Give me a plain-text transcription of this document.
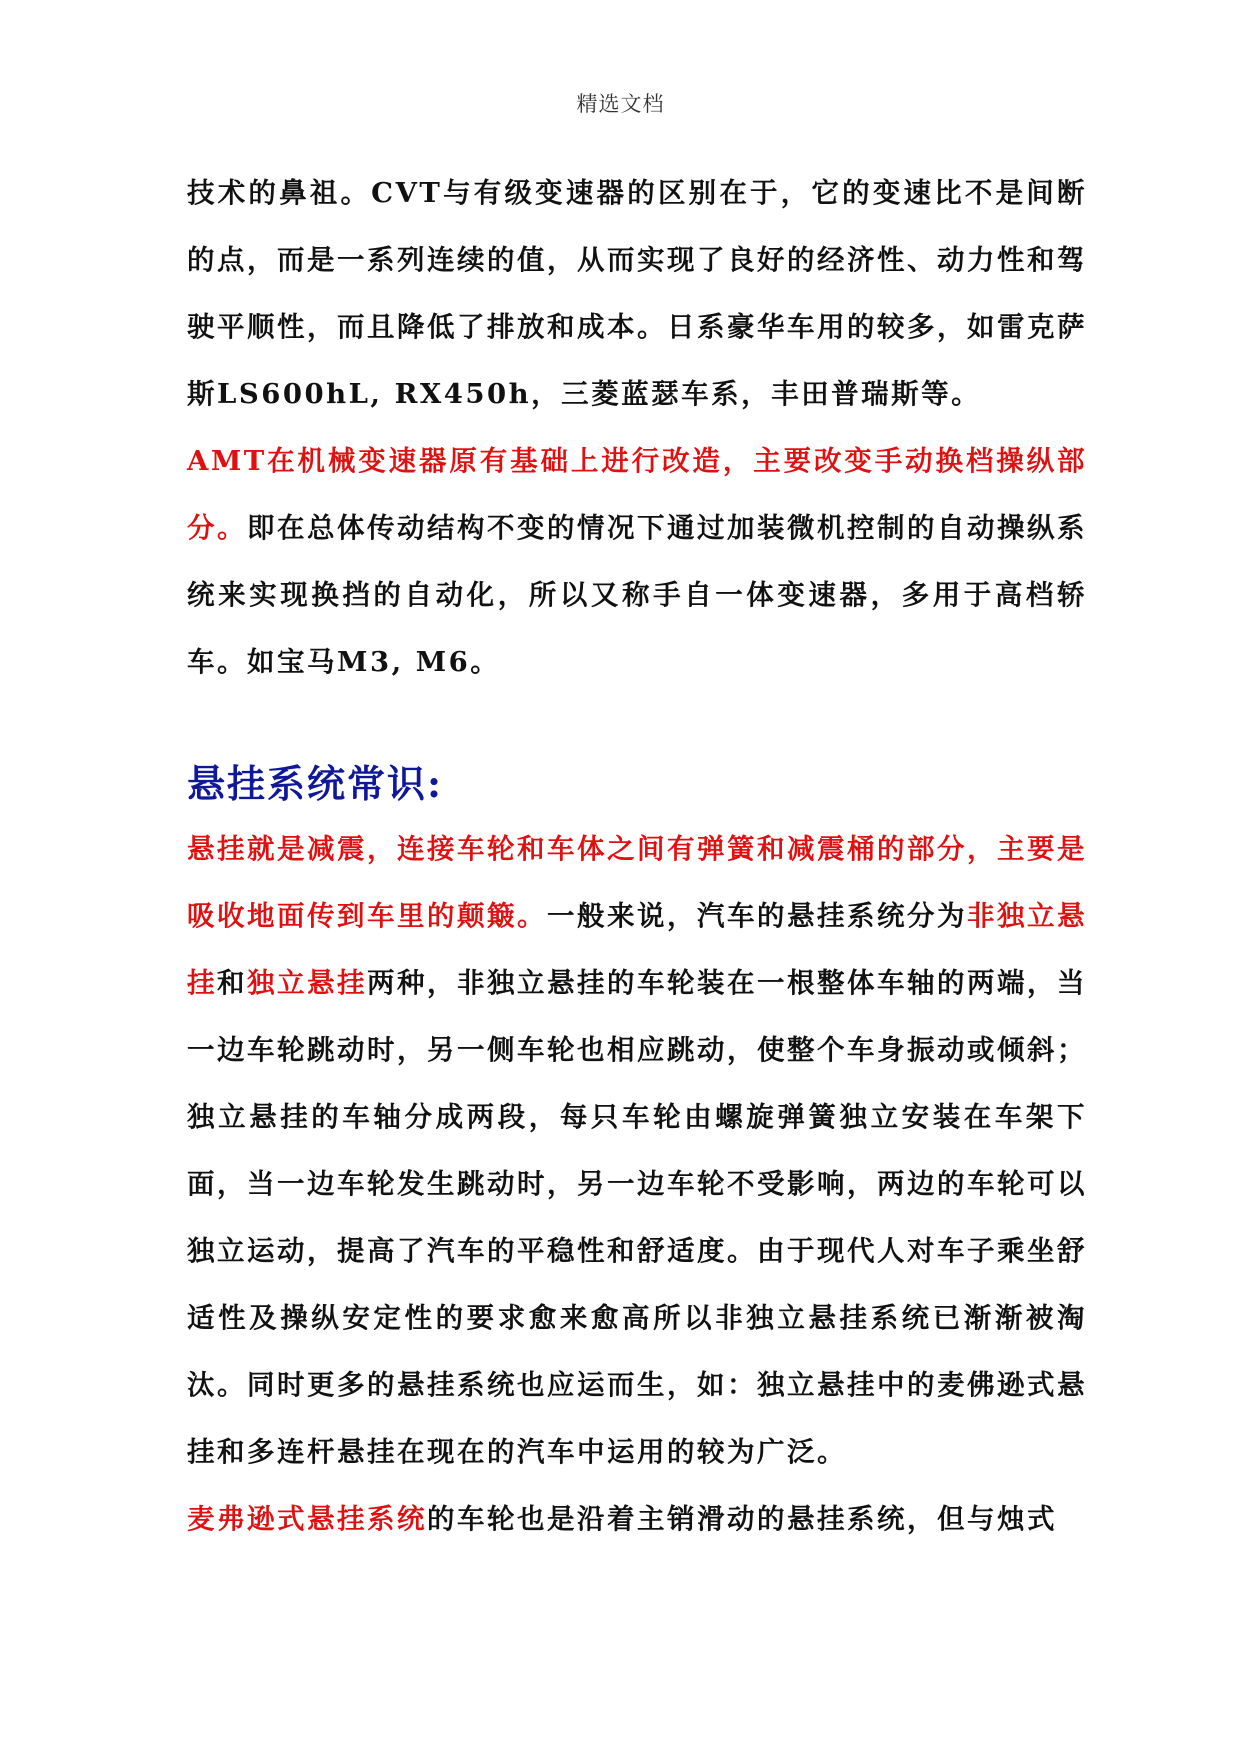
精选文档

技术的鼻祖。CVT与有级变速器的区别在于，它的变速比不是间断的点，而是一系列连续的值，从而实现了良好的经济性、动力性和驾驶平顺性，而且降低了排放和成本。日系豪华车用的较多，如雷克萨斯LS600hL, RX450h，三菱蓝瑟车系，丰田普瑞斯等。

AMT在机械变速器原有基础上进行改造，主要改变手动换档操纵部分。即在总体传动结构不变的情况下通过加装微机控制的自动操纵系统来实现换挡的自动化，所以又称手自一体变速器，多用于高档轿车。如宝马M3, M6。

悬挂系统常识:

悬挂就是减震，连接车轮和车体之间有弹簧和减震桶的部分，主要是吸收地面传到车里的颠簸。一般来说，汽车的悬挂系统分为非独立悬挂和独立悬挂两种，非独立悬挂的车轮装在一根整体车轴的两端，当一边车轮跳动时，另一侧车轮也相应跳动，使整个车身振动或倾斜；独立悬挂的车轴分成两段，每只车轮由螺旋弹簧独立安装在车架下面，当一边车轮发生跳动时，另一边车轮不受影响，两边的车轮可以独立运动，提高了汽车的平稳性和舒适度。由于现代人对车子乘坐舒适性及操纵安定性的要求愈来愈高所以非独立悬挂系统已渐渐被淘汰。同时更多的悬挂系统也应运而生，如：独立悬挂中的麦佛逊式悬挂和多连杆悬挂在现在的汽车中运用的较为广泛。

麦弗逊式悬挂系统的车轮也是沿着主销滑动的悬挂系统，但与烛式
